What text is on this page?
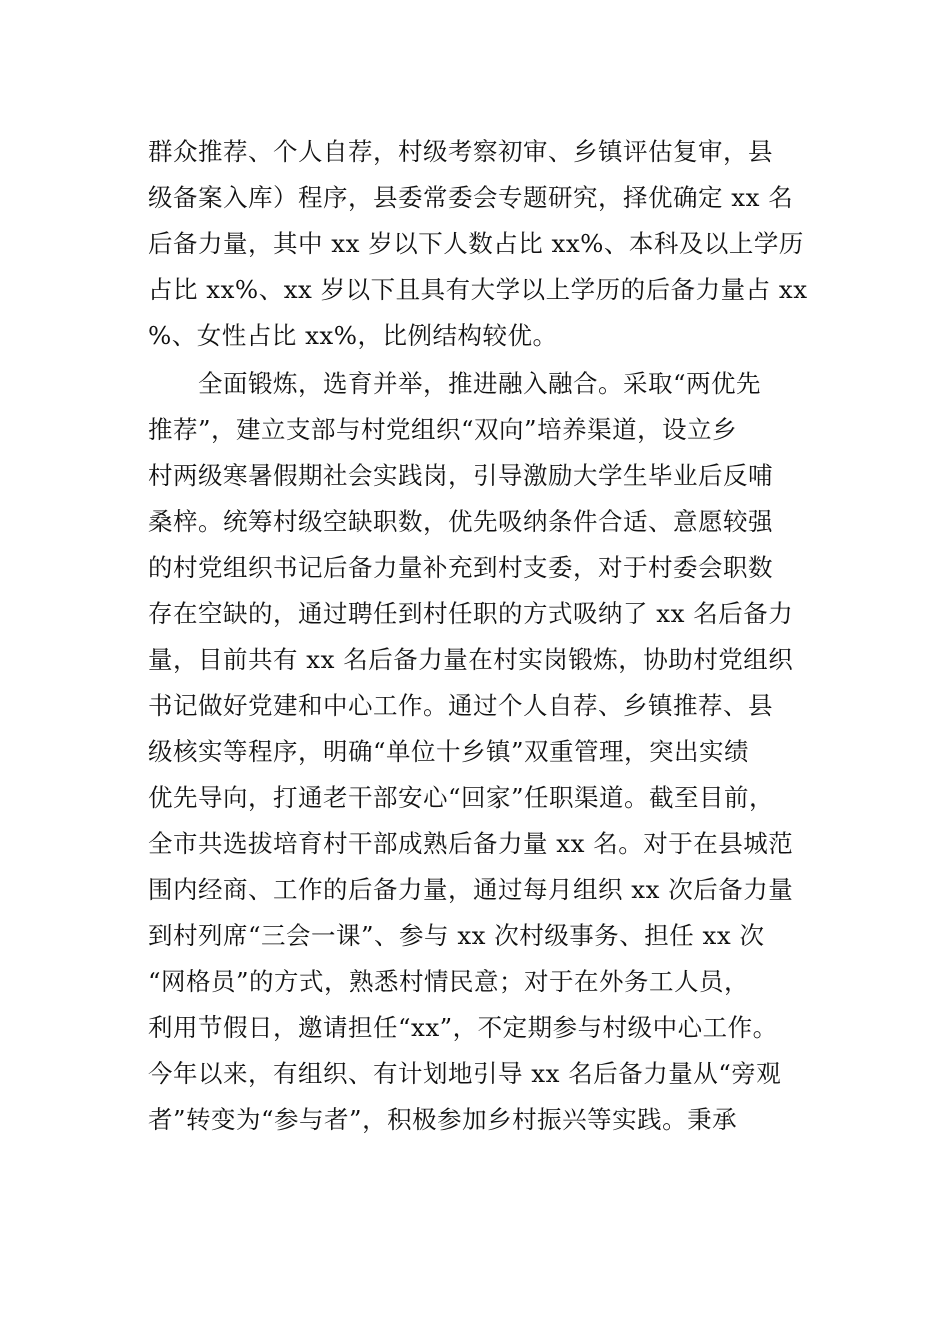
群众推荐、个人自荐，村级考察初审、乡镇评估复审，县
级备案入库）程序，县委常委会专题研究，择优确定 xx 名
后备力量，其中 xx 岁以下人数占比 xx%、本科及以上学历
占比 xx%、xx 岁以下且具有大学以上学历的后备力量占 xx
%、女性占比 xx%，比例结构较优。
全面锻炼，选育并举，推进融入融合。采取“两优先
推荐”，建立支部与村党组织“双向”培养渠道，设立乡
村两级寒暑假期社会实践岗，引导激励大学生毕业后反哺
桑梓。统筹村级空缺职数，优先吸纳条件合适、意愿较强
的村党组织书记后备力量补充到村支委，对于村委会职数
存在空缺的，通过聘任到村任职的方式吸纳了 xx 名后备力
量，目前共有 xx 名后备力量在村实岗锻炼，协助村党组织
书记做好党建和中心工作。通过个人自荐、乡镇推荐、县
级核实等程序，明确“单位十乡镇”双重管理，突出实绩
优先导向，打通老干部安心“回家”任职渠道。截至目前，
全市共选拔培育村干部成熟后备力量 xx 名。对于在县城范
围内经商、工作的后备力量，通过每月组织 xx 次后备力量
到村列席“三会一课”、参与 xx 次村级事务、担任 xx 次
“网格员”的方式，熟悉村情民意；对于在外务工人员，
利用节假日，邀请担任“xx”，不定期参与村级中心工作。
今年以来，有组织、有计划地引导 xx 名后备力量从“旁观
者”转变为“参与者”，积极参加乡村振兴等实践。秉承
